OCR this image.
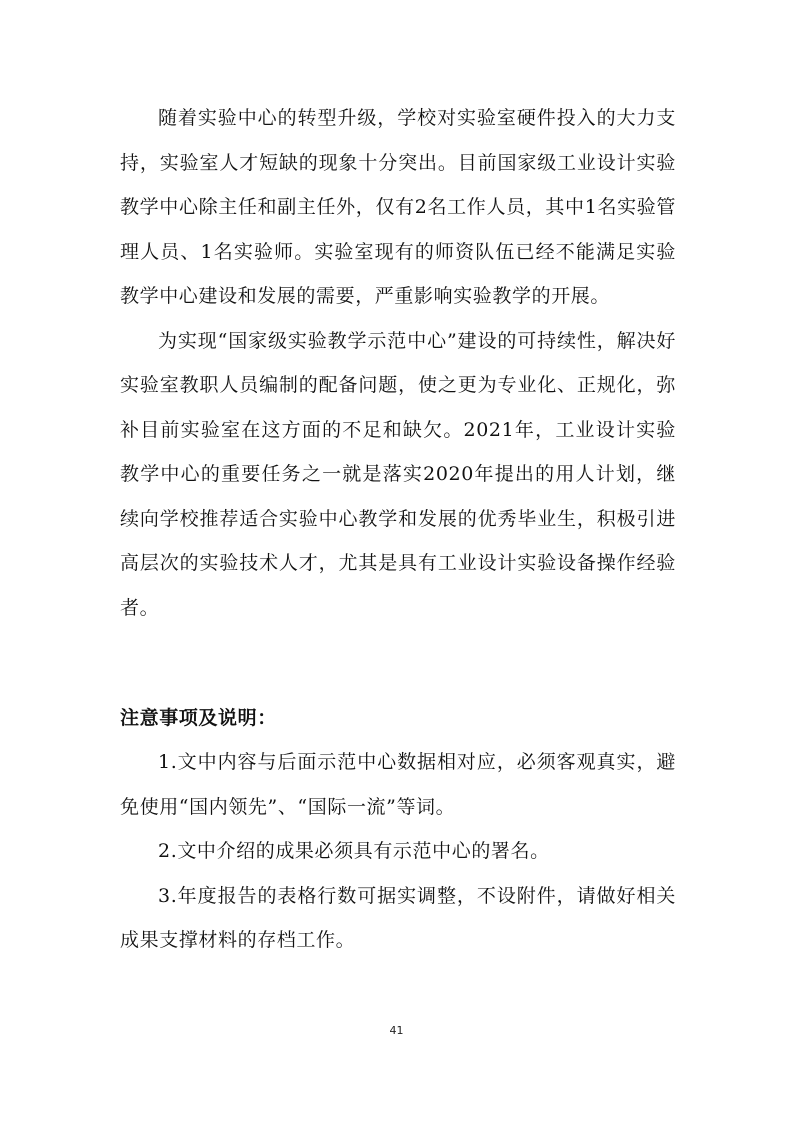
随着实验中心的转型升级，学校对实验室硬件投入的大力支持，实验室人才短缺的现象十分突出。目前国家级工业设计实验教学中心除主任和副主任外，仅有2名工作人员，其中1名实验管理人员、1名实验师。实验室现有的师资队伍已经不能满足实验教学中心建设和发展的需要，严重影响实验教学的开展。

为实现“国家级实验教学示范中心”建设的可持续性，解决好实验室教职人员编制的配备问题，使之更为专业化、正规化，弥补目前实验室在这方面的不足和缺欠。2021年，工业设计实验教学中心的重要任务之一就是落实2020年提出的用人计划，继续向学校推荐适合实验中心教学和发展的优秀毕业生，积极引进高层次的实验技术人才，尤其是具有工业设计实验设备操作经验者。

注意事项及说明：

1.文中内容与后面示范中心数据相对应，必须客观真实，避免使用“国内领先”、“国际一流”等词。

2.文中介绍的成果必须具有示范中心的署名。

3.年度报告的表格行数可据实调整，不设附件，请做好相关成果支撑材料的存档工作。

41
